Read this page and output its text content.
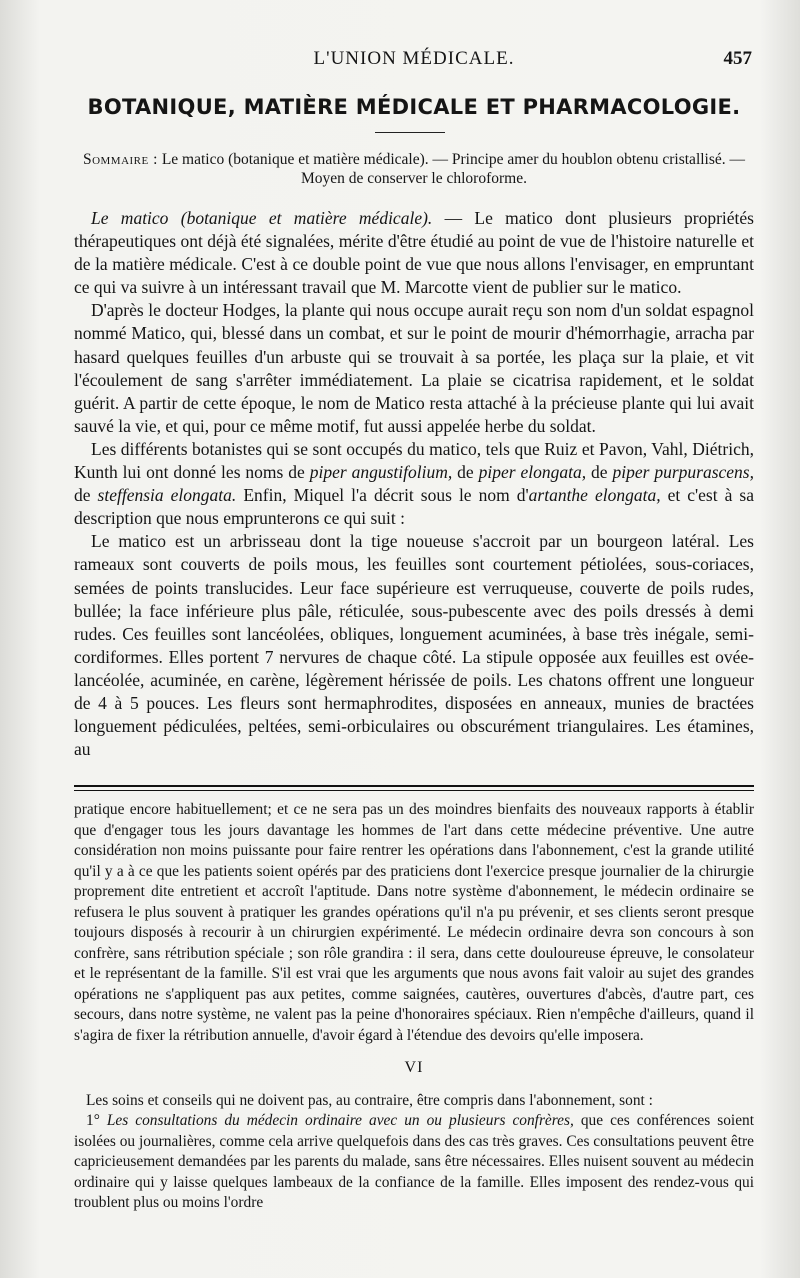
L'UNION MÉDICALE.	457
BOTANIQUE, MATIÈRE MÉDICALE ET PHARMACOLOGIE.
Sommaire : Le matico (botanique et matière médicale). — Principe amer du houblon obtenu cristallisé. — Moyen de conserver le chloroforme.

Le matico (botanique et matière médicale). — Le matico dont plusieurs propriétés thérapeutiques ont déjà été signalées, mérite d'être étudié au point de vue de l'histoire naturelle et de la matière médicale. C'est à ce double point de vue que nous allons l'envisager, en empruntant ce qui va suivre à un intéressant travail que M. Marcotte vient de publier sur le matico.

D'après le docteur Hodges, la plante qui nous occupe aurait reçu son nom d'un soldat espagnol nommé Matico, qui, blessé dans un combat, et sur le point de mourir d'hémorrhagie, arracha par hasard quelques feuilles d'un arbuste qui se trouvait à sa portée, les plaça sur la plaie, et vit l'écoulement de sang s'arrêter immédiatement. La plaie se cicatrisa rapidement, et le soldat guérit. A partir de cette époque, le nom de Matico resta attaché à la précieuse plante qui lui avait sauvé la vie, et qui, pour ce même motif, fut aussi appelée herbe du soldat.

Les différents botanistes qui se sont occupés du matico, tels que Ruiz et Pavon, Vahl, Diétrich, Kunth lui ont donné les noms de piper angustifolium, de piper elongata, de piper purpurascens, de steffensia elongata. Enfin, Miquel l'a décrit sous le nom d'artanthe elongata, et c'est à sa description que nous emprunterons ce qui suit :

Le matico est un arbrisseau dont la tige noueuse s'accroit par un bourgeon latéral. Les rameaux sont couverts de poils mous, les feuilles sont courtement pétiolées, sous-coriaces, semées de points translucides. Leur face supérieure est verruqueuse, couverte de poils rudes, bullée; la face inférieure plus pâle, réticulée, sous-pubescente avec des poils dressés à demi rudes. Ces feuilles sont lancéolées, obliques, longuement acuminées, à base très inégale, semi-cordiformes. Elles portent 7 nervures de chaque côté. La stipule opposée aux feuilles est ovée-lancéolée, acuminée, en carène, légèrement hérissée de poils. Les chatons offrent une longueur de 4 à 5 pouces. Les fleurs sont hermaphrodites, disposées en anneaux, munies de bractées longuement pédiculées, peltées, semi-orbiculaires ou obscurément triangulaires. Les étamines, au

pratique encore habituellement; et ce ne sera pas un des moindres bienfaits des nouveaux rapports à établir que d'engager tous les jours davantage les hommes de l'art dans cette médecine préventive. Une autre considération non moins puissante pour faire rentrer les opérations dans l'abonnement, c'est la grande utilité qu'il y a à ce que les patients soient opérés par des praticiens dont l'exercice presque journalier de la chirurgie proprement dite entretient et accroît l'aptitude. Dans notre système d'abonnement, le médecin ordinaire se refusera le plus souvent à pratiquer les grandes opérations qu'il n'a pu prévenir, et ses clients seront presque toujours disposés à recourir à un chirurgien expérimenté. Le médecin ordinaire devra son concours à son confrère, sans rétribution spéciale ; son rôle grandira : il sera, dans cette douloureuse épreuve, le consolateur et le représentant de la famille. S'il est vrai que les arguments que nous avons fait valoir au sujet des grandes opérations ne s'appliquent pas aux petites, comme saignées, cautères, ouvertures d'abcès, d'autre part, ces secours, dans notre système, ne valent pas la peine d'honoraires spéciaux. Rien n'empêche d'ailleurs, quand il s'agira de fixer la rétribution annuelle, d'avoir égard à l'étendue des devoirs qu'elle imposera.

VI

Les soins et conseils qui ne doivent pas, au contraire, être compris dans l'abonnement, sont :

1° Les consultations du médecin ordinaire avec un ou plusieurs confrères, que ces conférences soient isolées ou journalières, comme cela arrive quelquefois dans des cas très graves. Ces consultations peuvent être capricieusement demandées par les parents du malade, sans être nécessaires. Elles nuisent souvent au médecin ordinaire qui y laisse quelques lambeaux de la confiance de la famille. Elles imposent des rendez-vous qui troublent plus ou moins l'ordre
